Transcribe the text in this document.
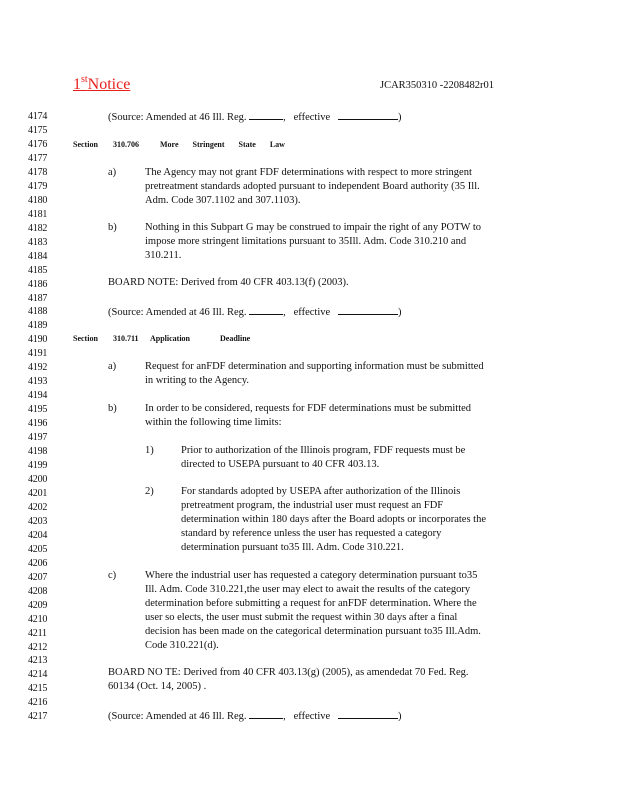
1stNotice	JCAR350310 -2208482r01
4174
4175
4176
4177
4178
4179
4180
4181
4182
4183
4184
4185
4186
4187
4188
4189
4190
4191
4192
4193
4194
4195
4196
4197
4198
4199
4200
4201
4202
4203
4204
4205
4206
4207
4208
4209
4210
4211
4212
4213
4214
4215
4216
4217
(Source: Amended at 46 Ill. Reg.	, effective	)
Section 310.706	More Stringent State Law
a)	The Agency may not grant FDF determinations with respect to more stringent
pretreatment standards adopted pursuant to independent Board authority (35 Ill.
Adm. Code 307.1102 and 307.1103).
b)	Nothing in this Subpart G may be construed to impair the right of any POTW to
impose more stringent limitations pursuant to 35Ill. Adm. Code 310.210 and
310.211.
BOARD NOTE: Derived from 40 CFR 403.13(f) (2003).
(Source: Amended at 46 Ill. Reg.	, effective	)
Section 310.711 Application Deadline
a)	Request for anFDF determination and supporting information must be submitted
in writing to the Agency.
b)	In order to be considered, requests for FDF determinations must be submitted
within the following time limits:
1)	Prior to authorization of the Illinois program, FDF requests must be
directed to USEPA pursuant to 40 CFR 403.13.
2)	For standards adopted by USEPA after authorization of the Illinois
pretreatment program, the industrial user must request an FDF
determination within 180 days after the Board adopts or incorporates the
standard by reference unless the user has requested a category
determination pursuant to35 Ill. Adm. Code 310.221.
c)	Where the industrial user has requested a category determination pursuant to35
Ill. Adm. Code 310.221,the user may elect to await the results of the category
determination before submitting a request for anFDF determination. Where the
user so elects, the user must submit the request within 30 days after a final
decision has been made on the categorical determination pursuant to35 Ill.Adm.
Code 310.221(d).
BOARD NO TE: Derived from 40 CFR 403.13(g) (2005), as amendedat 70 Fed. Reg.
60134 (Oct. 14, 2005) .
(Source: Amended at 46 Ill. Reg.	, effective	)
